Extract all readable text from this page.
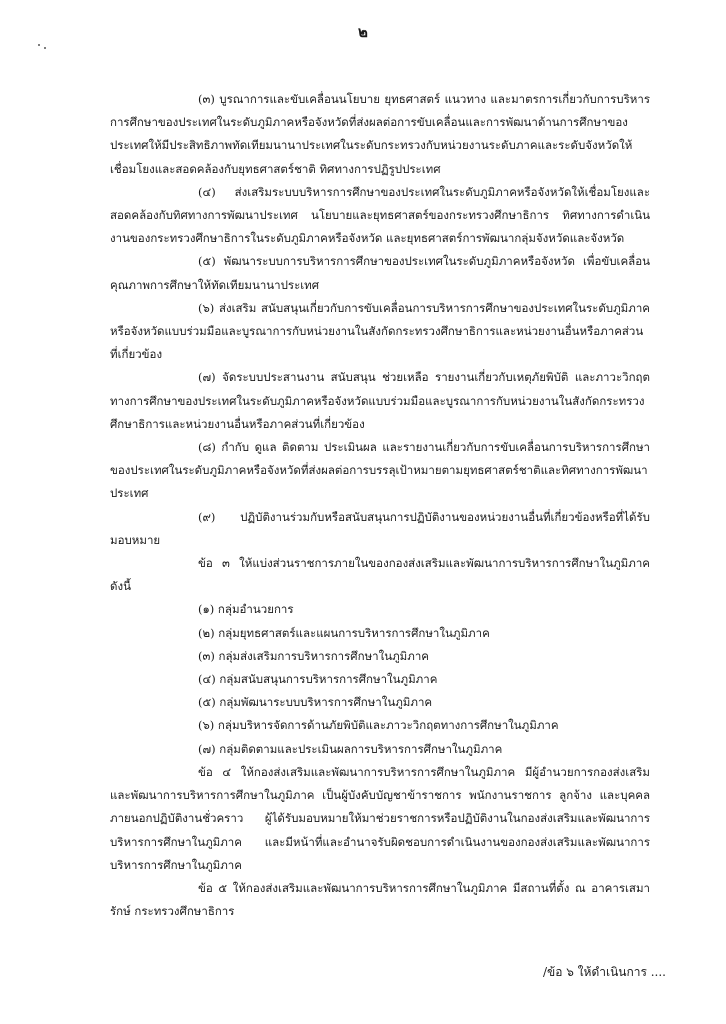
๒

(๓) บูรณาการและขับเคลื่อนนโยบาย ยุทธศาสตร์ แนวทาง และมาตรการเกี่ยวกับการบริหารการศึกษาของประเทศในระดับภูมิภาคหรือจังหวัดที่ส่งผลต่อการขับเคลื่อนและการพัฒนาด้านการศึกษาของประเทศให้มีประสิทธิภาพทัดเทียมนานาประเทศในระดับกระทรวงกับหน่วยงานระดับภาคและระดับจังหวัดให้เชื่อมโยงและสอดคล้องกับยุทธศาสตร์ชาติ ทิศทางการปฏิรูปประเทศ

(๔) ส่งเสริมระบบบริหารการศึกษาของประเทศในระดับภูมิภาคหรือจังหวัดให้เชื่อมโยงและสอดคล้องกับทิศทางการพัฒนาประเทศ นโยบายและยุทธศาสตร์ของกระทรวงศึกษาธิการ ทิศทางการดำเนินงานของกระทรวงศึกษาธิการในระดับภูมิภาคหรือจังหวัด และยุทธศาสตร์การพัฒนากลุ่มจังหวัดและจังหวัด

(๕) พัฒนาระบบการบริหารการศึกษาของประเทศในระดับภูมิภาคหรือจังหวัด เพื่อขับเคลื่อนคุณภาพการศึกษาให้ทัดเทียมนานาประเทศ

(๖) ส่งเสริม สนับสนุนเกี่ยวกับการขับเคลื่อนการบริหารการศึกษาของประเทศในระดับภูมิภาคหรือจังหวัดแบบร่วมมือและบูรณาการกับหน่วยงานในสังกัดกระทรวงศึกษาธิการและหน่วยงานอื่นหรือภาคส่วนที่เกี่ยวข้อง

(๗) จัดระบบประสานงาน สนับสนุน ช่วยเหลือ รายงานเกี่ยวกับเหตุภัยพิบัติ และภาวะวิกฤตทางการศึกษาของประเทศในระดับภูมิภาคหรือจังหวัดแบบร่วมมือและบูรณาการกับหน่วยงานในสังกัดกระทรวงศึกษาธิการและหน่วยงานอื่นหรือภาคส่วนที่เกี่ยวข้อง

(๘) กำกับ ดูแล ติดตาม ประเมินผล และรายงานเกี่ยวกับการขับเคลื่อนการบริหารการศึกษาของประเทศในระดับภูมิภาคหรือจังหวัดที่ส่งผลต่อการบรรลุเป้าหมายตามยุทธศาสตร์ชาติและทิศทางการพัฒนาประเทศ

(๙) ปฏิบัติงานร่วมกับหรือสนับสนุนการปฏิบัติงานของหน่วยงานอื่นที่เกี่ยวข้องหรือที่ได้รับมอบหมาย

ข้อ ๓ ให้แบ่งส่วนราชการภายในของกองส่งเสริมและพัฒนาการบริหารการศึกษาในภูมิภาค ดังนี้

(๑) กลุ่มอำนวยการ
(๒) กลุ่มยุทธศาสตร์และแผนการบริหารการศึกษาในภูมิภาค
(๓) กลุ่มส่งเสริมการบริหารการศึกษาในภูมิภาค
(๔) กลุ่มสนับสนุนการบริหารการศึกษาในภูมิภาค
(๕) กลุ่มพัฒนาระบบบริหารการศึกษาในภูมิภาค
(๖) กลุ่มบริหารจัดการด้านภัยพิบัติและภาวะวิกฤตทางการศึกษาในภูมิภาค
(๗) กลุ่มติดตามและประเมินผลการบริหารการศึกษาในภูมิภาค

ข้อ ๔ ให้กองส่งเสริมและพัฒนาการบริหารการศึกษาในภูมิภาค มีผู้อำนวยการกองส่งเสริมและพัฒนาการบริหารการศึกษาในภูมิภาค เป็นผู้บังคับบัญชาข้าราชการ พนักงานราชการ ลูกจ้าง และบุคคลภายนอกปฏิบัติงานชั่วคราว ผู้ได้รับมอบหมายให้มาช่วยราชการหรือปฏิบัติงานในกองส่งเสริมและพัฒนาการบริหารการศึกษาในภูมิภาค และมีหน้าที่และอำนาจรับผิดชอบการดำเนินงานของกองส่งเสริมและพัฒนาการบริหารการศึกษาในภูมิภาค

ข้อ ๕ ให้กองส่งเสริมและพัฒนาการบริหารการศึกษาในภูมิภาค มีสถานที่ตั้ง ณ อาคารเสมารักษ์ กระทรวงศึกษาธิการ

/ข้อ ๖ ให้ดำเนินการ ....
